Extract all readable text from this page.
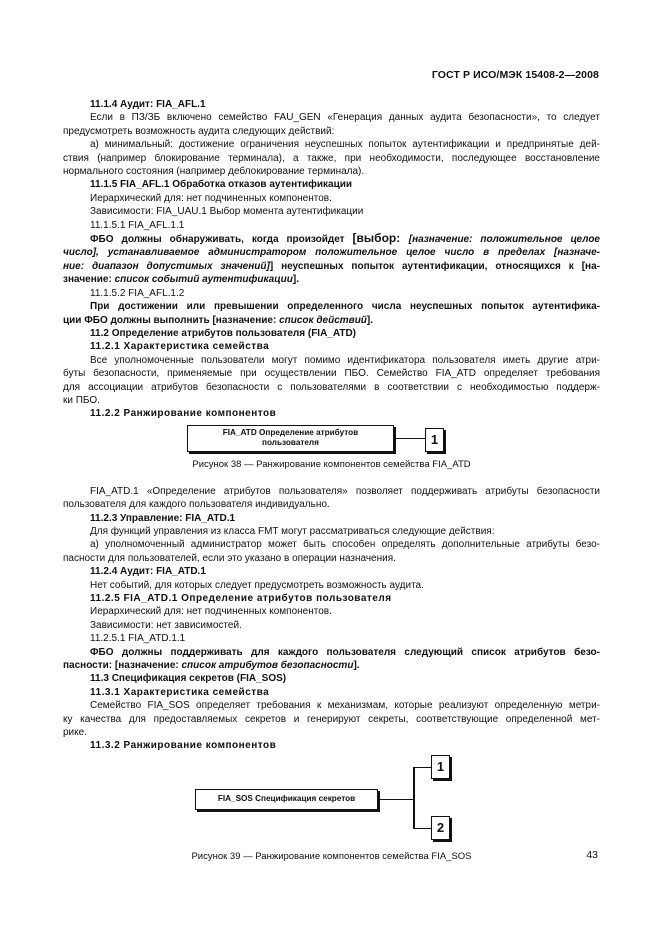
ГОСТ Р ИСО/МЭК 15408-2—2008

11.1.4 Аудит: FIA_AFL.1

Если в ПЗ/ЗБ включено семейство FAU_GEN «Генерация данных аудита безопасности», то следует

предусмотреть возможность аудита следующих действий:

а) минимальный: достижение ограничения неуспешных попыток аутентификации и предпринятые дей-

ствия (например блокирование терминала), а также, при необходимости, последующее восстановление

нормального состояния (например деблокирование терминала).

11.1.5 FIA_AFL.1 Обработка отказов аутентификации

Иерархический для: нет подчиненных компонентов.

Зависимости: FIA_UAU.1 Выбор момента аутентификации

11.1.5.1 FIA_AFL.1.1

ФБО должны обнаруживать, когда произойдет [выбор: [назначение: положительное целое

число], устанавливаемое администратором положительное целое число в пределах [назначе-

ние: диапазон допустимых значений]] неуспешных попыток аутентификации, относящихся к [на-

значение: список событий аутентификации].

11.1.5.2 FIA_AFL.1.2

При достижении или превышении определенного числа неуспешных попыток аутентифика-

ции ФБО должны выполнить [назначение: список действий].

11.2 Определение атрибутов пользователя (FIA_ATD)

11.2.1 Характеристика семейства

Все уполномоченные пользователи могут помимо идентификатора пользователя иметь другие атри-

буты безопасности, применяемые при осуществлении ПБО. Семейство FIA_ATD определяет требования

для ассоциации атрибутов безопасности с пользователями в соответствии с необходимостью поддерж-

ки ПБО.

11.2.2 Ранжирование компонентов

FIA_ATD Определение атрибутов
пользователя	1

Рисунок 38 — Ранжирование компонентов семейства FIA_ATD

FIA_ATD.1 «Определение атрибутов пользователя» позволяет поддерживать атрибуты безопасности

пользователя для каждого пользователя индивидуально.

11.2.3 Управление: FIA_ATD.1

Для функций управления из класса FMT могут рассматриваться следующие действия:

а) уполномоченный администратор может быть способен определять дополнительные атрибуты безо-

пасности для пользователей, если это указано в операции назначения.

11.2.4 Аудит: FIA_ATD.1

Нет событий, для которых следует предусмотреть возможность аудита.

11.2.5 FIA_ATD.1 Определение атрибутов пользователя

Иерархический для: нет подчиненных компонентов.

Зависимости: нет зависимостей.

11.2.5.1 FIA_ATD.1.1

ФБО должны поддерживать для каждого пользователя следующий список атрибутов безо-

пасности: [назначение: список атрибутов безопасности].

11.3 Спецификация секретов (FIA_SOS)

11.3.1 Характеристика семейства

Семейство FIA_SOS определяет требования к механизмам, которые реализуют определенную метри-

ку качества для предоставляемых секретов и генерируют секреты, соответствующие определенной мет-

рике.

11.3.2 Ранжирование компонентов

1
FIA_SOS Спецификация секретов
2

Рисунок 39 — Ранжирование компонентов семейства FIA_SOS	43
